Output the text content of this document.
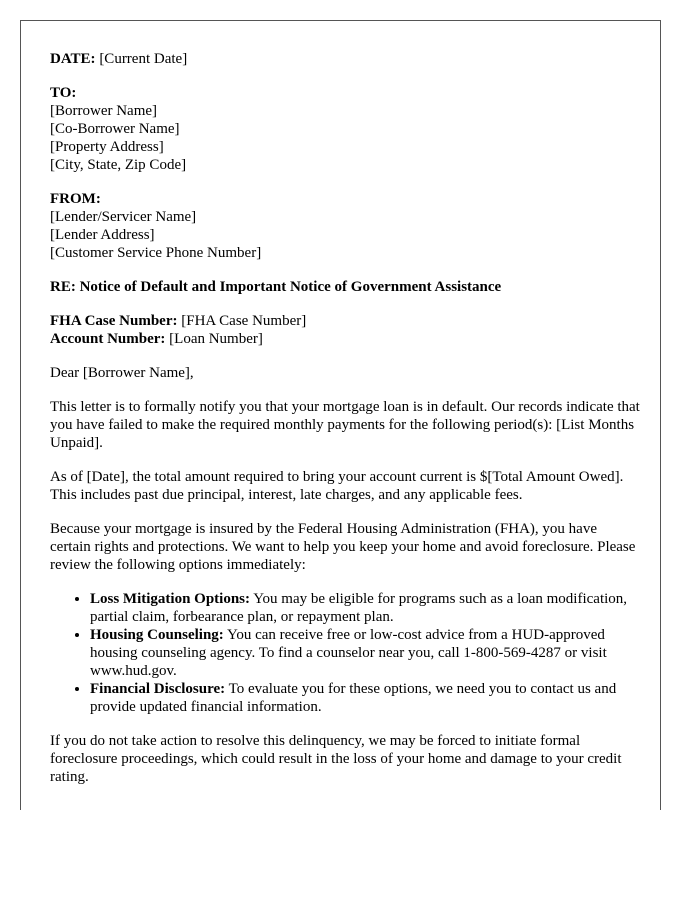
DATE: [Current Date]

TO:
[Borrower Name]
[Co-Borrower Name]
[Property Address]
[City, State, Zip Code]

FROM:
[Lender/Servicer Name]
[Lender Address]
[Customer Service Phone Number]

RE: Notice of Default and Important Notice of Government Assistance

FHA Case Number: [FHA Case Number]
Account Number: [Loan Number]

Dear [Borrower Name],

This letter is to formally notify you that your mortgage loan is in default. Our records indicate that you have failed to make the required monthly payments for the following period(s): [List Months Unpaid].

As of [Date], the total amount required to bring your account current is $[Total Amount Owed]. This includes past due principal, interest, late charges, and any applicable fees.

Because your mortgage is insured by the Federal Housing Administration (FHA), you have certain rights and protections. We want to help you keep your home and avoid foreclosure. Please review the following options immediately:

• Loss Mitigation Options: You may be eligible for programs such as a loan modification, partial claim, forbearance plan, or repayment plan.
• Housing Counseling: You can receive free or low-cost advice from a HUD-approved housing counseling agency. To find a counselor near you, call 1-800-569-4287 or visit www.hud.gov.
• Financial Disclosure: To evaluate you for these options, we need you to contact us and provide updated financial information.

If you do not take action to resolve this delinquency, we may be forced to initiate formal foreclosure proceedings, which could result in the loss of your home and damage to your credit rating.
